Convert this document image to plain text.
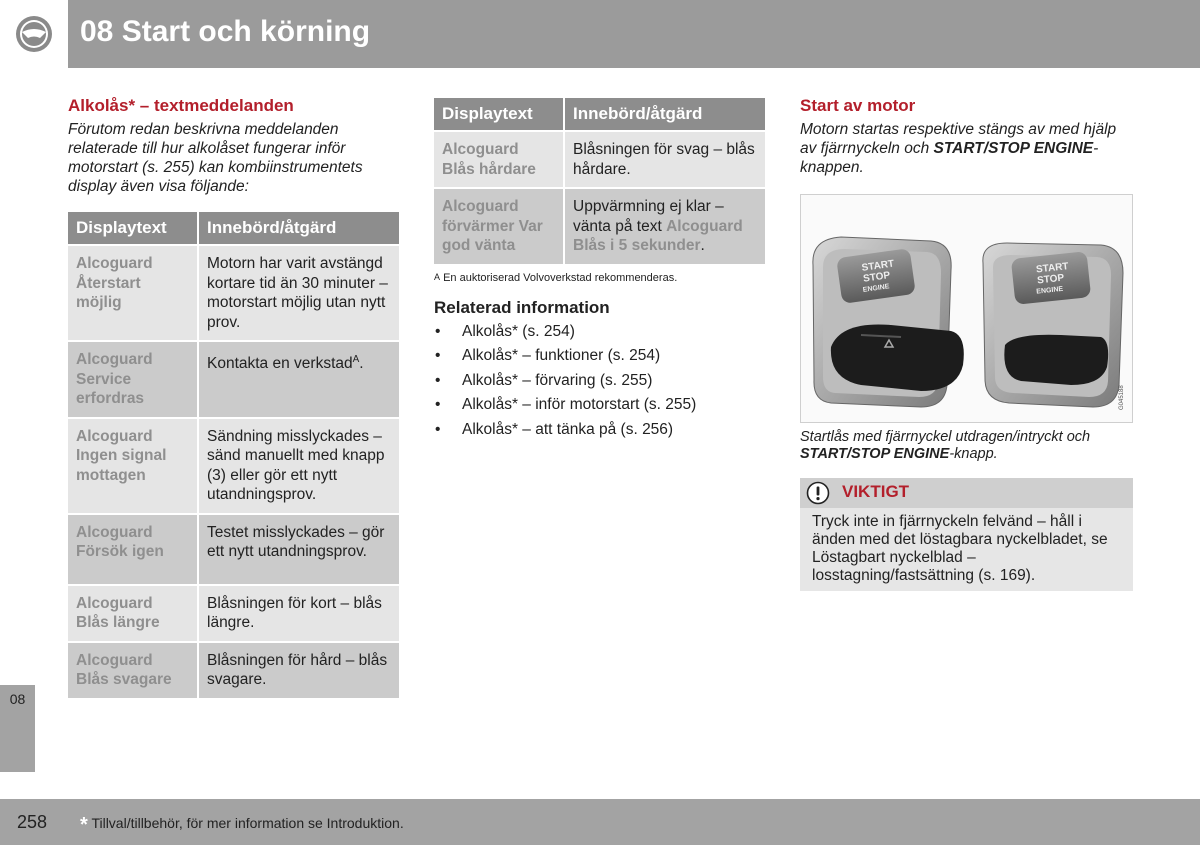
08 Start och körning
08
Alkolås* – textmeddelanden
Förutom redan beskrivna meddelanden relaterade till hur alkolåset fungerar inför motorstart (s. 255) kan kombiinstrumentets display även visa följande:
Displaytext	Innebörd/åtgärd
Alcoguard Återstart möjlig	Motorn har varit avstängd kortare tid än 30 minuter – motorstart möjlig utan nytt prov.
Alcoguard Service erfordras	Kontakta en verkstad$^A$.
Alcoguard Ingen signal mottagen	Sändning misslyckades – sänd manuellt med knapp (3) eller gör ett nytt utandningsprov.
Alcoguard Försök igen	Testet misslyckades – gör ett nytt utandningsprov.
Alcoguard Blås längre	Blåsningen för kort – blås längre.
Alcoguard Blås svagare	Blåsningen för hård – blås svagare.
Displaytext	Innebörd/åtgärd
Alcoguard Blås hårdare	Blåsningen för svag – blås hårdare.
Alcoguard förvärmer Var god vänta	Uppvärmning ej klar – vänta på text Alcoguard Blås i 5 sekunder.
A En auktoriserad Volvoverkstad rekommenderas.
Relaterad information
• Alkolås* (s. 254)
• Alkolås* – funktioner (s. 254)
• Alkolås* – förvaring (s. 255)
• Alkolås* – inför motorstart (s. 255)
• Alkolås* – att tänka på (s. 256)
Start av motor
Motorn startas respektive stängs av med hjälp av fjärrnyckeln och START/STOP ENGINE-knappen.
START
STOP
ENGINE
START
STOP
ENGINE
G045188
Startlås med fjärrnyckel utdragen/intryckt och START/STOP ENGINE-knapp.
VIKTIGT
Tryck inte in fjärrnyckeln felvänd – håll i änden med det löstagbara nyckelbladet, se Löstagbart nyckelblad – losstagning/fastsättning (s. 169).
258 * Tillval/tillbehör, för mer information se Introduktion.
